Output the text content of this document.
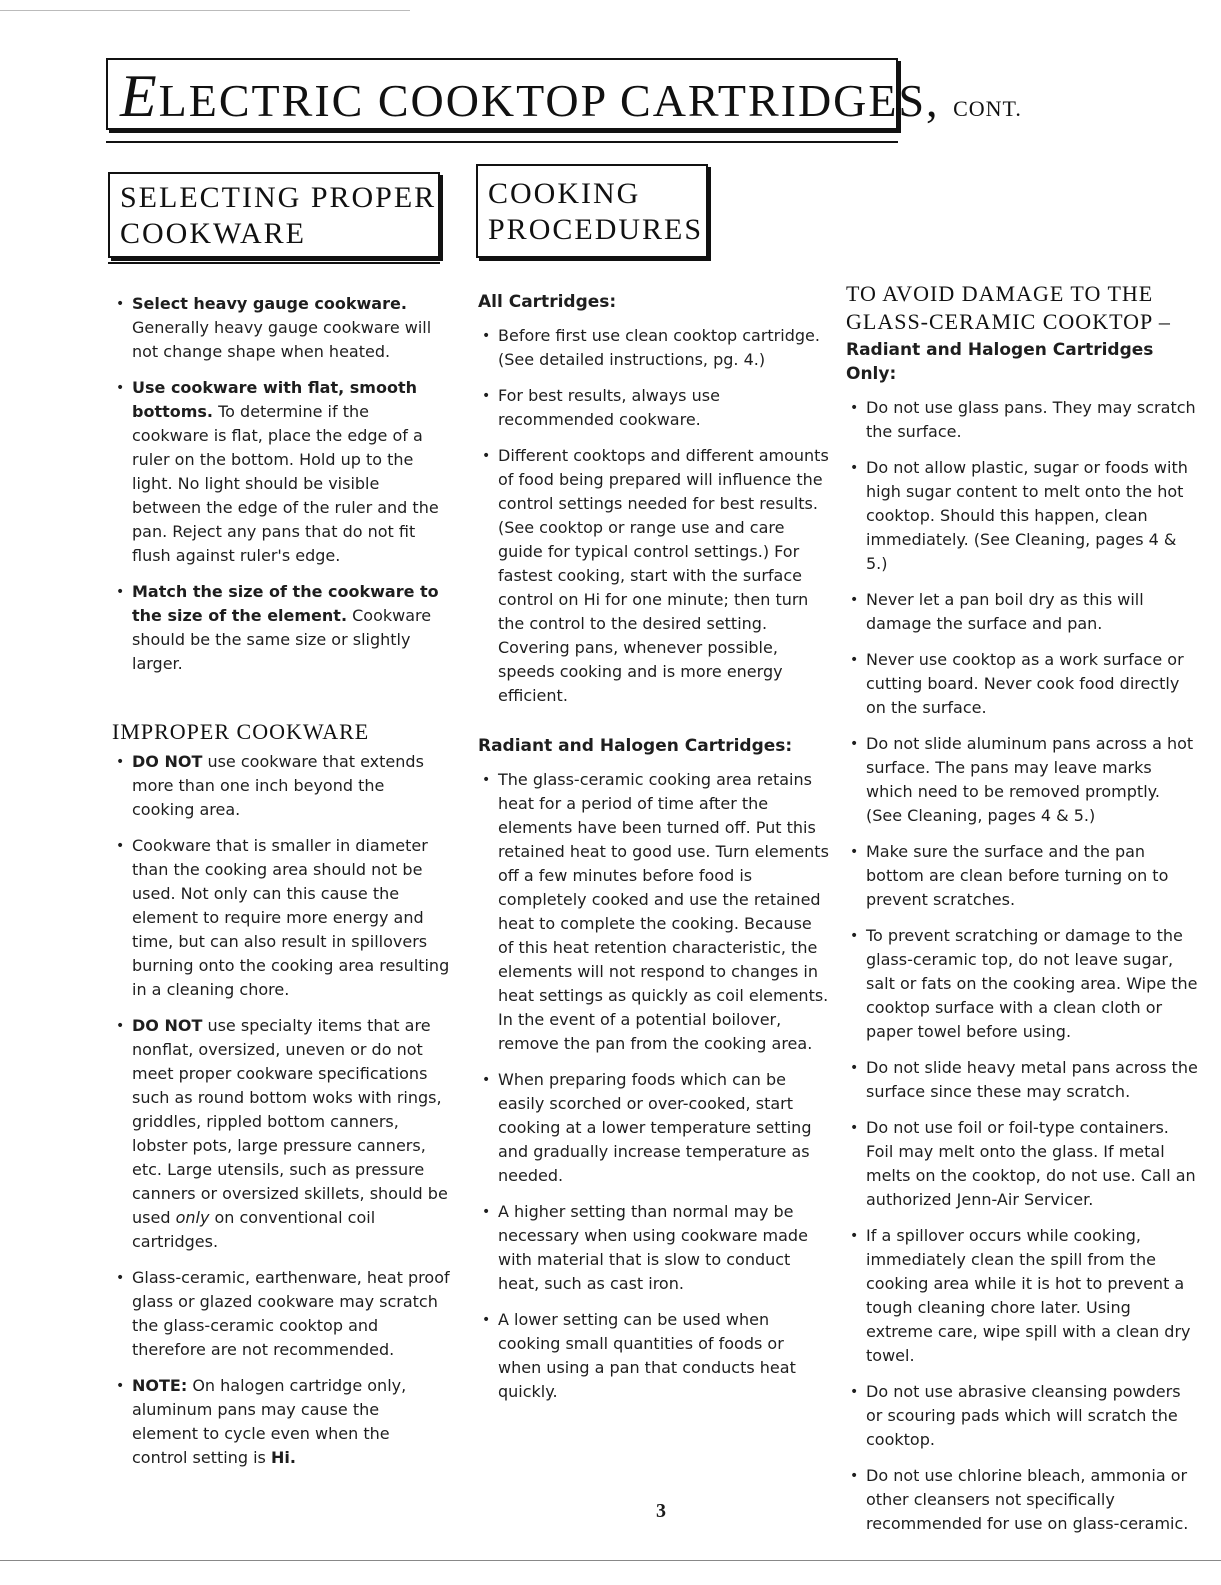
ELECTRIC COOKTOP CARTRIDGES, CONT.
SELECTING PROPER
COOKWARE
COOKING
PROCEDURES
• Select heavy gauge cookware. Generally heavy gauge cookware will not change shape when heated.
• Use cookware with flat, smooth bottoms. To determine if the cookware is flat, place the edge of a ruler on the bottom. Hold up to the light. No light should be visible between the edge of the ruler and the pan. Reject any pans that do not fit flush against ruler's edge.
• Match the size of the cookware to the size of the element. Cookware should be the same size or slightly larger.
IMPROPER COOKWARE
• DO NOT use cookware that extends more than one inch beyond the cooking area.
• Cookware that is smaller in diameter than the cooking area should not be used. Not only can this cause the element to require more energy and time, but can also result in spillovers burning onto the cooking area resulting in a cleaning chore.
• DO NOT use specialty items that are nonflat, oversized, uneven or do not meet proper cookware specifications such as round bottom woks with rings, griddles, rippled bottom canners, lobster pots, large pressure canners, etc. Large utensils, such as pressure canners or oversized skillets, should be used only on conventional coil cartridges.
• Glass-ceramic, earthenware, heat proof glass or glazed cookware may scratch the glass-ceramic cooktop and therefore are not recommended.
• NOTE: On halogen cartridge only, aluminum pans may cause the element to cycle even when the control setting is Hi.
All Cartridges:
• Before first use clean cooktop cartridge. (See detailed instructions, pg. 4.)
• For best results, always use recommended cookware.
• Different cooktops and different amounts of food being prepared will influence the control settings needed for best results. (See cooktop or range use and care guide for typical control settings.) For fastest cooking, start with the surface control on Hi for one minute; then turn the control to the desired setting. Covering pans, whenever possible, speeds cooking and is more energy efficient.
Radiant and Halogen Cartridges:
• The glass-ceramic cooking area retains heat for a period of time after the elements have been turned off. Put this retained heat to good use. Turn elements off a few minutes before food is completely cooked and use the retained heat to complete the cooking. Because of this heat retention characteristic, the elements will not respond to changes in heat settings as quickly as coil elements. In the event of a potential boilover, remove the pan from the cooking area.
• When preparing foods which can be easily scorched or over-cooked, start cooking at a lower temperature setting and gradually increase temperature as needed.
• A higher setting than normal may be necessary when using cookware made with material that is slow to conduct heat, such as cast iron.
• A lower setting can be used when cooking small quantities of foods or when using a pan that conducts heat quickly.
TO AVOID DAMAGE TO THE
GLASS-CERAMIC COOKTOP –
Radiant and Halogen Cartridges Only:
• Do not use glass pans. They may scratch the surface.
• Do not allow plastic, sugar or foods with high sugar content to melt onto the hot cooktop. Should this happen, clean immediately. (See Cleaning, pages 4 & 5.)
• Never let a pan boil dry as this will damage the surface and pan.
• Never use cooktop as a work surface or cutting board. Never cook food directly on the surface.
• Do not slide aluminum pans across a hot surface. The pans may leave marks which need to be removed promptly. (See Cleaning, pages 4 & 5.)
• Make sure the surface and the pan bottom are clean before turning on to prevent scratches.
• To prevent scratching or damage to the glass-ceramic top, do not leave sugar, salt or fats on the cooking area. Wipe the cooktop surface with a clean cloth or paper towel before using.
• Do not slide heavy metal pans across the surface since these may scratch.
• Do not use foil or foil-type containers. Foil may melt onto the glass. If metal melts on the cooktop, do not use. Call an authorized Jenn-Air Servicer.
• If a spillover occurs while cooking, immediately clean the spill from the cooking area while it is hot to prevent a tough cleaning chore later. Using extreme care, wipe spill with a clean dry towel.
• Do not use abrasive cleansing powders or scouring pads which will scratch the cooktop.
• Do not use chlorine bleach, ammonia or other cleansers not specifically recommended for use on glass-ceramic.
3
